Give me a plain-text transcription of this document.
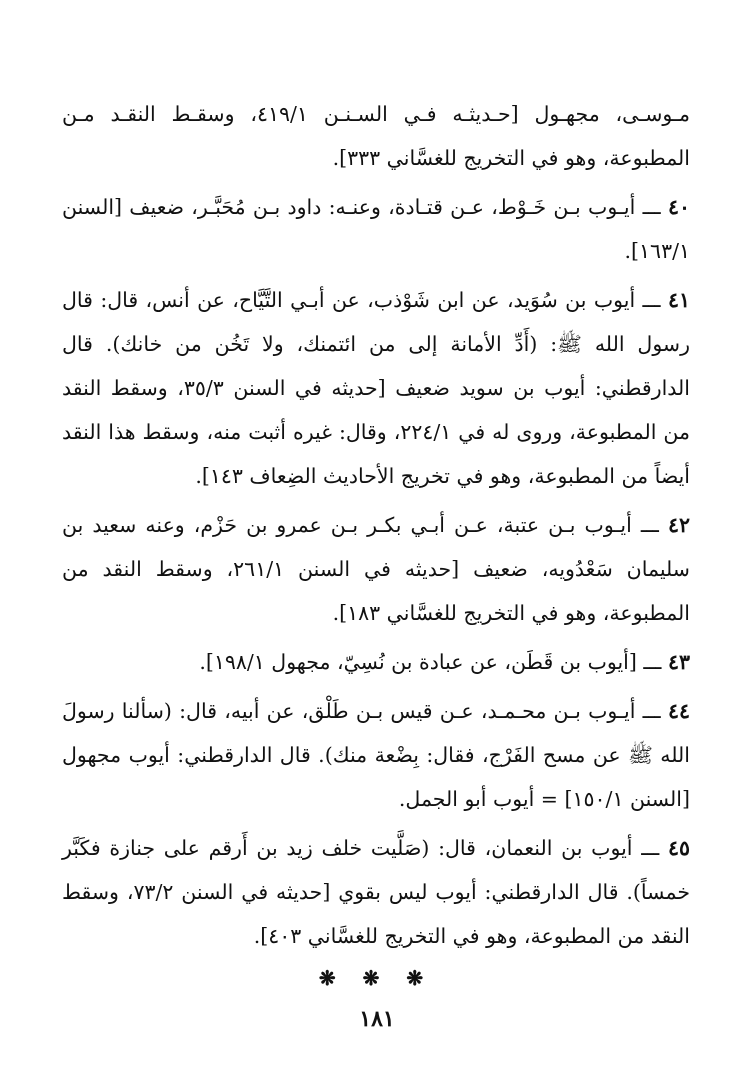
مـوسـى، مجهـول [حـديثـه فـي السـنـن ٤١٩/١، وسقـط النقـد مـن المطبوعة، وهو في التخريج للغسَّاني ٣٣٣].

٤٠ ـــ أيـوب بـن خَـوْط، عـن قتـادة، وعنـه: داود بـن مُحَبَّـر، ضعيف [السنن ١٦٣/١].

٤١ ـــ أيوب بن سُوَيد، عن ابن شَوْذب، عن أبـي التَّيَّاح، عن أنس، قال: قال رسول الله ﷺ: (أَدِّ الأمانة إلى من ائتمنك، ولا تَخُن من خانك). قال الدارقطني: أيوب بن سويد ضعيف [حديثه في السنن ٣٥/٣، وسقط النقد من المطبوعة، وروى له في ٢٢٤/١، وقال: غيره أثبت منه، وسقط هذا النقد أيضاً من المطبوعة، وهو في تخريج الأحاديث الضِعاف ١٤٣].

٤٢ ـــ أيـوب بـن عتبة، عـن أبـي بكـر بـن عمرو بن حَزْم، وعنه سعيد بن سليمان سَعْدُويه، ضعيف [حديثه في السنن ٢٦١/١، وسقط النقد من المطبوعة، وهو في التخريج للغسَّاني ١٨٣].

٤٣ ـــ [أيوب بن قَطَن، عن عبادة بن نُسِيّ، مجهول ١٩٨/١].

٤٤ ـــ أيـوب بـن محـمـد، عـن قيس بـن طَلْق، عن أبيه، قال: (سألنا رسولَ الله ﷺ عن مسح الفَرْج، فقال: بِضْعة منك). قال الدارقطني: أيوب مجهول [السنن ١٥٠/١] = أيوب أبو الجمل.

٤٥ ـــ أيوب بن النعمان، قال: (صَلَّيت خلف زيد بن أَرقم على جنازة فكَبَّر خمساً). قال الدارقطني: أيوب ليس بقوي [حديثه في السنن ٧٣/٢، وسقط النقد من المطبوعة، وهو في التخريج للغسَّاني ٤٠٣].

❋ ❋ ❋
١٨١
